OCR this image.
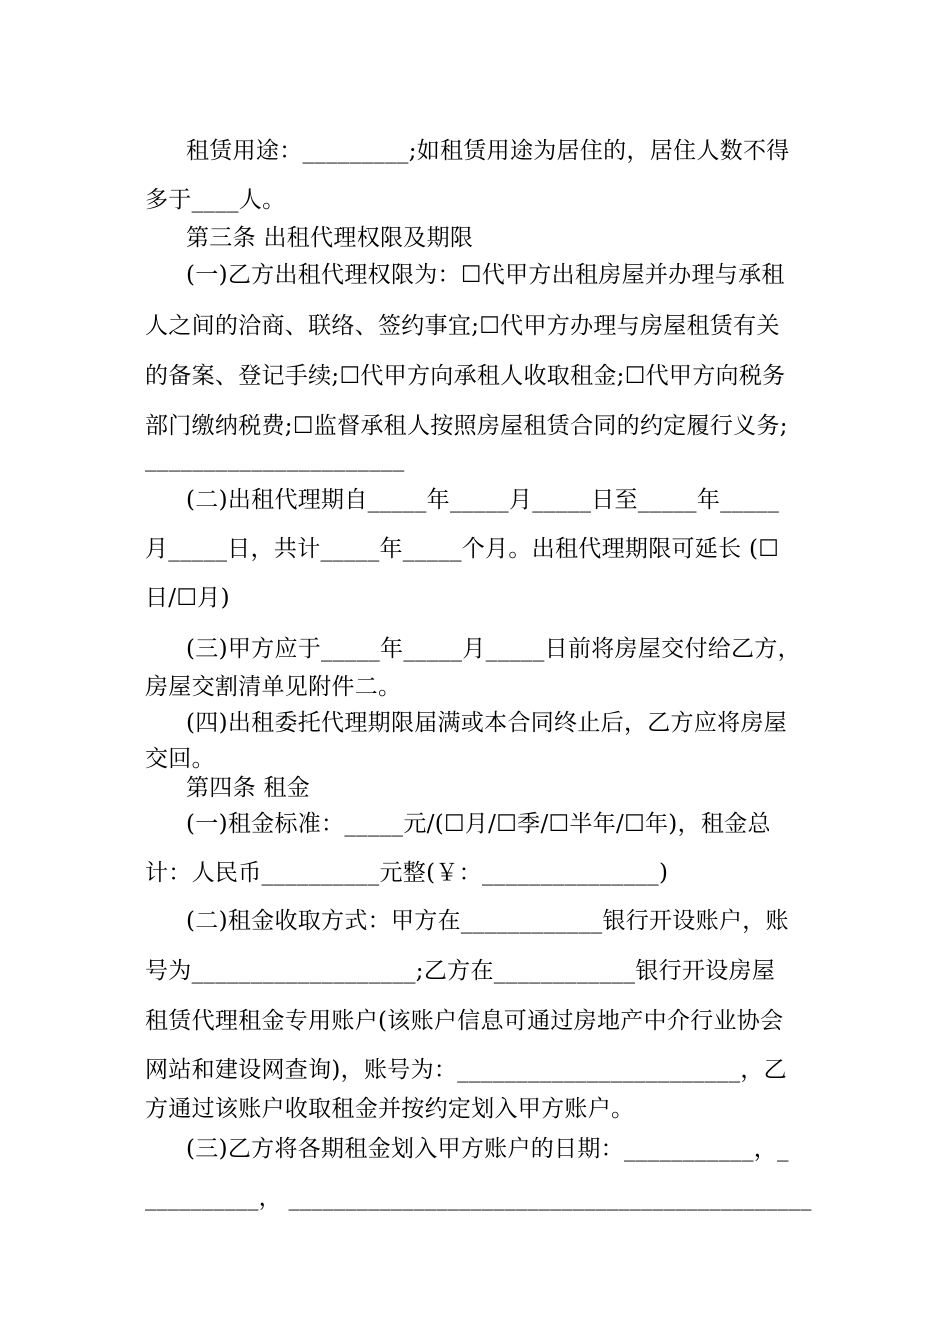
租赁用途：_________;如租赁用途为居住的，居住人数不得
多于____人。
第三条 出租代理权限及期限
(一)乙方出租代理权限为：☐代甲方出租房屋并办理与承租
人之间的洽商、联络、签约事宜;☐代甲方办理与房屋租赁有关
的备案、登记手续;☐代甲方向承租人收取租金;☐代甲方向税务
部门缴纳税费;☐监督承租人按照房屋租赁合同的约定履行义务;
______________________
(二)出租代理期自_____年_____月_____日至_____年_____
月_____日，共计_____年_____个月。出租代理期限可延长 (☐
日/☐月)
(三)甲方应于_____年_____月_____日前将房屋交付给乙方，
房屋交割清单见附件二。
(四)出租委托代理期限届满或本合同终止后，乙方应将房屋
交回。
第四条 租金
(一)租金标准：_____元/(☐月/☐季/☐半年/☐年)，租金总
计：人民币__________元整(￥：_______________)
(二)租金收取方式：甲方在____________银行开设账户，账
号为___________________;乙方在____________银行开设房屋
租赁代理租金专用账户(该账户信息可通过房地产中介行业协会
网站和建设网查询)，账号为：________________________，乙
方通过该账户收取租金并按约定划入甲方账户。
(三)乙方将各期租金划入甲方账户的日期：___________，_
__________， ______________________________________________
